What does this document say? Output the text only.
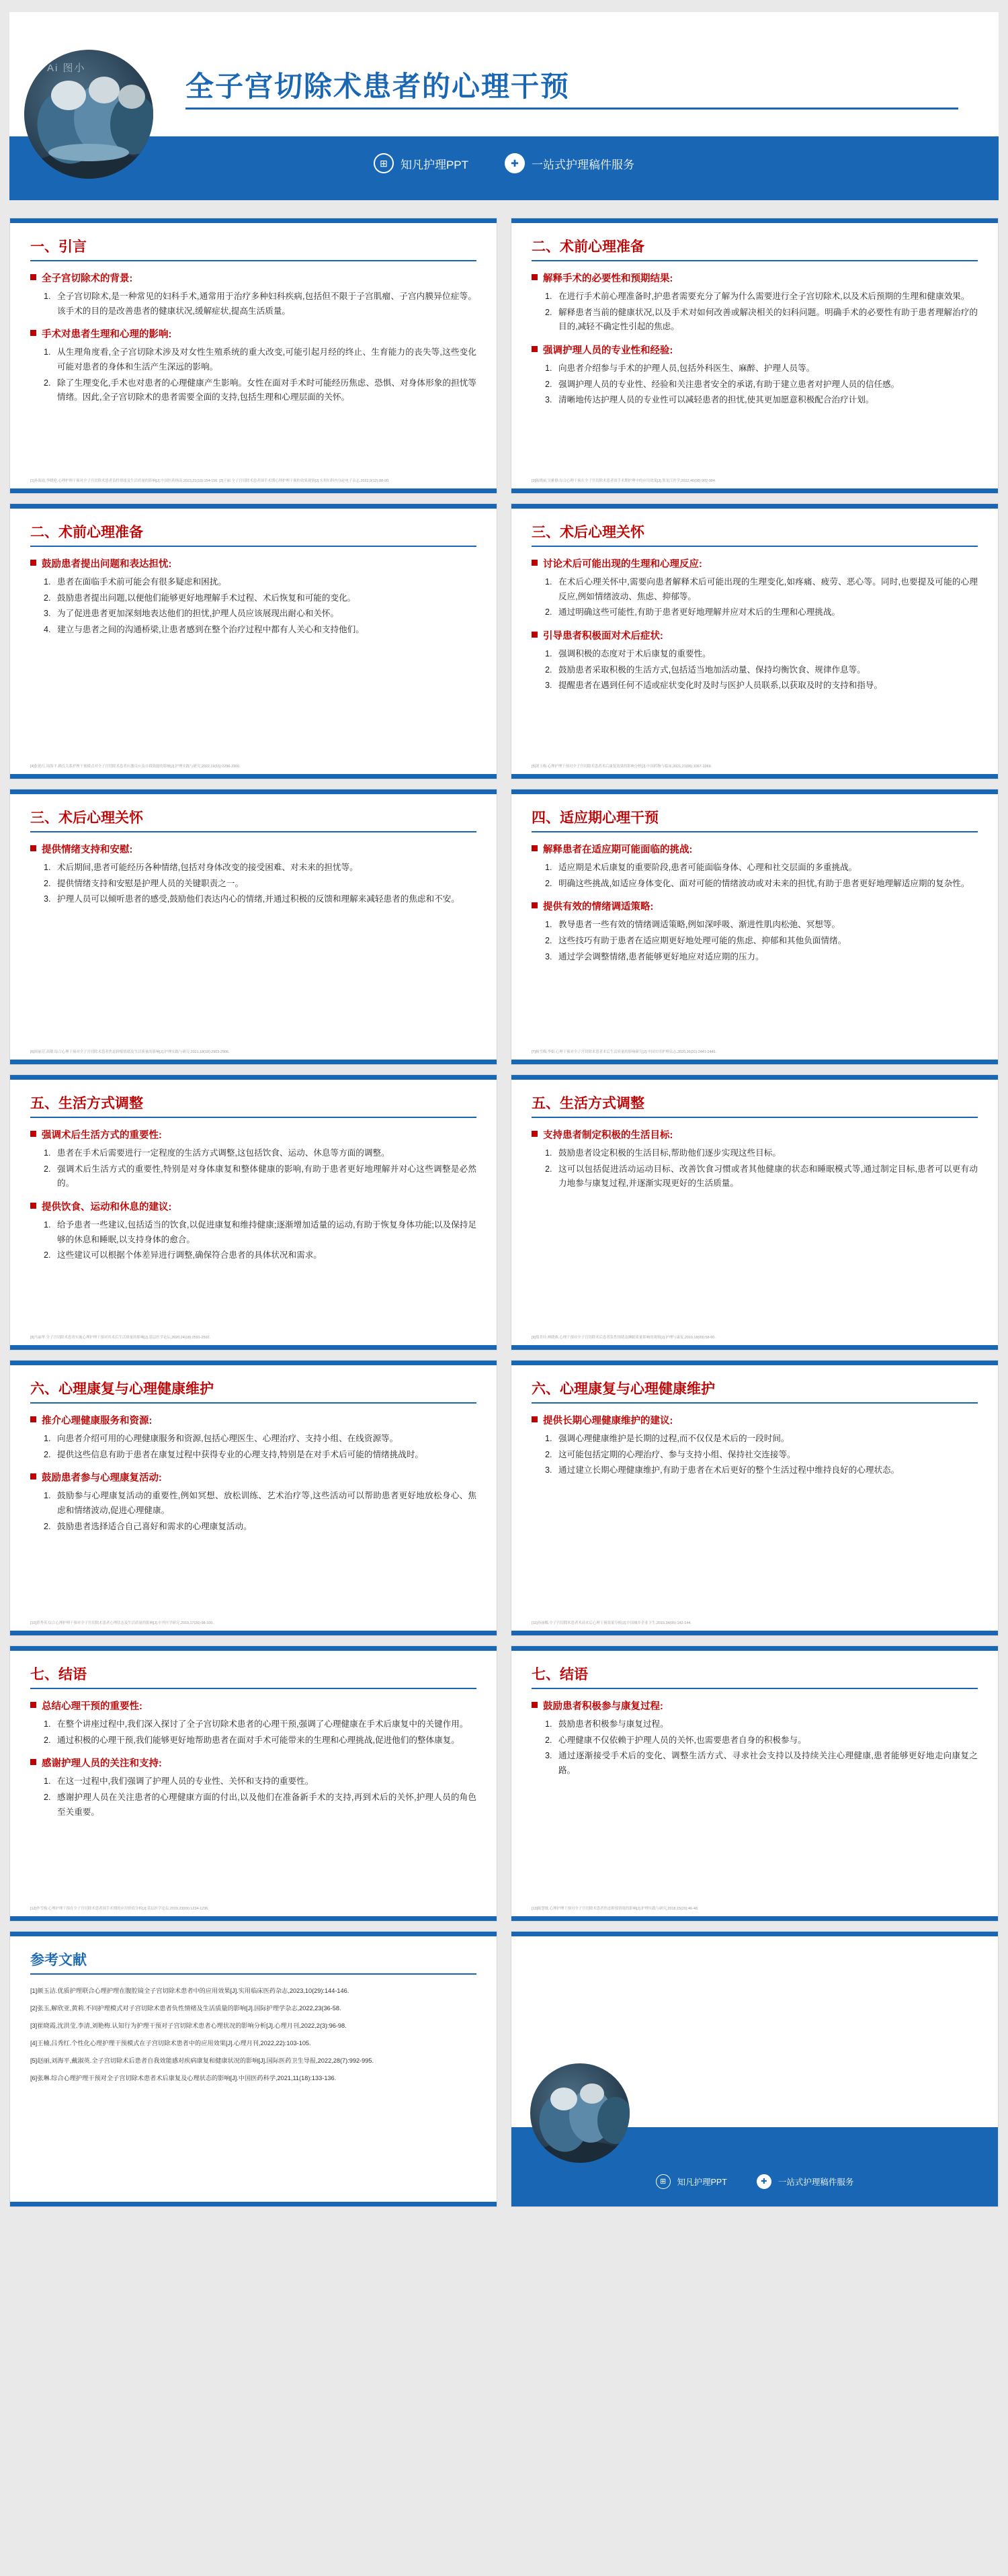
Ai 图小
全子宫切除术患者的心理干预
⊞	知凡护理PPT	✚	一站式护理稿件服务
一、引言
全子宫切除术的背景:
全子宫切除术,是一种常见的妇科手术,通常用于治疗多种妇科疾病,包括但不限于子宫肌瘤、子宫内膜异位症等。该手术的目的是改善患者的健康状况,缓解症状,提高生活质量。
手术对患者生理和心理的影响:
从生理角度看,全子宫切除术涉及对女性生殖系统的重大改变,可能引起月经的终止、生育能力的丧失等,这些变化可能对患者的身体和生活产生深远的影响。
除了生理变化,手术也对患者的心理健康产生影响。女性在面对手术时可能经历焦虑、恐惧、对身体形象的担忧等情绪。因此,全子宫切除术的患者需要全面的支持,包括生理和心理层面的关怀。
[1]孙海霞,李晓艳.心理护理干预对全子宫切除术患者负性情绪及生活质量的影响[J].中国医药指南,2023,21(10):154-156. [2]王丽.全子宫切除术患者围手术期心理护理干预的效果观察[J].实用妇科内分泌电子杂志,2022,9(12):88-90.
二、术前心理准备
解释手术的必要性和预期结果:
在进行手术前心理准备时,护患者需要充分了解为什么需要进行全子宫切除术,以及术后预期的生理和健康效果。
解释患者当前的健康状况,以及手术对如何改善或解决相关的妇科问题。明确手术的必要性有助于患者理解治疗的目的,减轻不确定性引起的焦虑。
强调护理人员的专业性和经验:
向患者介绍参与手术的护理人员,包括外科医生、麻醉、护理人员等。
强调护理人员的专业性、经验和关注患者安全的承诺,有助于建立患者对护理人员的信任感。
清晰地传达护理人员的专业性可以减轻患者的担忧,使其更加愿意积极配合治疗计划。
[3]陈晓丽,吴雅静.综合心理干预在全子宫切除术患者围手术期护理中的应用效果[J].黑龙江医学,2022,46(08):902-904.
二、术前心理准备
鼓励患者提出问题和表达担忧:
患者在面临手术前可能会有很多疑虑和困扰。
鼓励患者提出问题,以便他们能够更好地理解手术过程、术后恢复和可能的变化。
为了促进患者更加深刻地表达他们的担忧,护理人员应该展现出耐心和关怀。
建立与患者之间的沟通桥梁,让患者感到在整个治疗过程中都有人关心和支持他们。
[4]张艳红,周海平.赖氏关系护理干预模式对全子宫切除术患者应激反应及自我效能的影响[J].护理实践与研究,2022,19(15):2296-2300.
三、术后心理关怀
讨论术后可能出现的生理和心理反应:
在术后心理关怀中,需要向患者解释术后可能出现的生理变化,如疼痛、疲劳、恶心等。同时,也要提及可能的心理反应,例如情绪波动、焦虑、抑郁等。
通过明确这些可能性,有助于患者更好地理解并应对术后的生理和心理挑战。
引导患者积极面对术后症状:
强调积极的态度对于术后康复的重要性。
鼓励患者采取积极的生活方式,包括适当地加活动量、保持均衡饮食、规律作息等。
提醒患者在遇到任何不适或症状变化时及时与医护人员联系,以获取及时的支持和指导。
[5]刘玉梅.心理护理干预对全子宫切除术患者术后康复效果的影响分析[J].中国药物与临床,2021,21(06):1067-1069.
三、术后心理关怀
提供情绪支持和安慰:
术后期间,患者可能经历各种情绪,包括对身体改变的接受困难、对未来的担忧等。
提供情绪支持和安慰是护理人员的关键职责之一。
护理人员可以倾听患者的感受,鼓励他们表达内心的情绪,并通过积极的反馈和理解来减轻患者的焦虑和不安。
[6]周丽芳,高敏.综合心理干预对全子宫切除术患者焦虑抑郁情绪及生活质量的影响[J].护理实践与研究,2021,18(19):2903-2906.
四、适应期心理干预
解释患者在适应期可能面临的挑战:
适应期是术后康复的重要阶段,患者可能面临身体、心理和社交层面的多重挑战。
明确这些挑战,如适应身体变化、面对可能的情绪波动或对未来的担忧,有助于患者更好地理解适应期的复杂性。
提供有效的情绪调适策略:
教导患者一些有效的情绪调适策略,例如深呼吸、渐进性肌肉松弛、冥想等。
这些技巧有助于患者在适应期更好地处理可能的焦虑、抑郁和其他负面情绪。
通过学会调整情绪,患者能够更好地应对适应期的压力。
[7]杨雪梅,李娟.心理干预对全子宫切除术患者术后生活质量的影响研究[J].中国实用护理杂志,2020,36(31):2441-2445.
五、生活方式调整
强调术后生活方式的重要性:
患者在手术后需要进行一定程度的生活方式调整,这包括饮食、运动、休息等方面的调整。
强调术后生活方式的重要性,特别是对身体康复和整体健康的影响,有助于患者更好地理解并对心这些调整是必然的。
提供饮食、运动和休息的建议:
给予患者一些建议,包括适当的饮食,以促进康复和维持健康;逐渐增加适量的运动,有助于恢复身体功能;以及保持足够的休息和睡眠,以支持身体的愈合。
这些建议可以根据个体差异进行调整,确保符合患者的具体状况和需求。
[8]马丽华.全子宫切除术患者实施心理护理干预对其术后生活质量的影响[J].基层医学论坛,2020,24(18):2591-2592.
五、生活方式调整
支持患者制定积极的生活目标:
鼓励患者设定积极的生活目标,帮助他们逐步实现这些目标。
这可以包括促进活动运动目标、改善饮食习惯或者其他健康的状态和睡眠模式等,通过制定目标,患者可以更有动力地参与康复过程,并逐渐实现更好的生活质量。
[9]郑美玲,林晓燕.心理干预对全子宫切除术后患者负性情绪及睡眠质量影响的观察[J].护理与康复,2019,18(09):58-60.
六、心理康复与心理健康维护
推介心理健康服务和资源:
向患者介绍可用的心理健康服务和资源,包括心理医生、心理治疗、支持小组、在线资源等。
提供这些信息有助于患者在康复过程中获得专业的心理支持,特别是在对手术后可能的情绪挑战时。
鼓励患者参与心理康复活动:
鼓励参与心理康复活动的重要性,例如冥想、放松训练、艺术治疗等,这些活动可以帮助患者更好地放松身心、焦虑和情绪波动,促进心理健康。
鼓励患者选择适合自己喜好和需求的心理康复活动。
[10]黄秀英.综合心理护理干预对全子宫切除术患者心理状态及生活质量的影响[J].中外医学研究,2019,17(26):98-100.
六、心理康复与心理健康维护
提供长期心理健康维护的建议:
强调心理健康维护是长期的过程,而不仅仅是术后的一段时间。
这可能包括定期的心理治疗、参与支持小组、保持社交连接等。
通过建立长期心理健康维护,有助于患者在术后更好的整个生活过程中维持良好的心理状态。
[11]孙丽娜.全子宫切除术患者术前术后心理干预效果分析[J].中国城乡企业卫生,2019,34(05):142-144.
七、结语
总结心理干预的重要性:
在整个讲座过程中,我们深入探讨了全子宫切除术患者的心理干预,强调了心理健康在手术后康复中的关键作用。
通过积极的心理干预,我们能够更好地帮助患者在面对手术可能带来的生理和心理挑战,促进他们的整体康复。
感谢护理人员的关注和支持:
在这一过程中,我们强调了护理人员的专业性、关怀和支持的重要性。
感谢护理人员在关注患者的心理健康方面的付出,以及他们在准备新手术的支持,再到术后的关怀,护理人员的角色至关重要。
[12]李雪梅.心理护理干预在全子宫切除术患者围手术期的应用价值分析[J].基层医学论坛,2019,23(09):1234-1236.
七、结语
鼓励患者积极参与康复过程:
鼓励患者积极参与康复过程。
心理健康不仅依赖于护理人员的关怀,也需要患者自身的积极参与。
通过逐渐接受手术后的变化、调整生活方式、寻求社会支持以及持续关注心理健康,患者能够更好地走向康复之路。
[13]陈慧敏.心理护理干预对全子宫切除术患者焦虑抑郁情绪的影响[J].护理实践与研究,2018,15(20):46-48.
参考文献

[1]颜玉洁.优质护理联合心理护理在腹腔镜全子宫切除术患者中的应用效果[J].实用临床医药杂志,2023,10(29):144-146.

[2]张玉,解欣亚,黄莉.不同护理模式对子宫切除术患者负性情绪及生活质量的影响[J].国际护理学杂志,2022,23(36-58.

[3]崔晓霞,沈洪莹,李清,刘艳梅.认知行为护理干预对子宫切除术患者心理状况的影响分析[J].心理月刊,2022,2(3):96-98.

[4]王楠,吕秀红.个性化心理护理干预模式在子宫切除术患者中的应用效果[J].心理月刊,2022,22):103-105.

[5]赵丽,刘海平,戴淑英.全子宫切除术后患者自我效能感对疾病康复和健康状况的影响[J].国际医药卫生导报,2022,28(7):992-995.

[6]张琳.综合心理护理干预对全子宫切除术患者术后康复及心理状态的影响[J].中国医药科学,2021,11(18):133-136.

Ai 图小
感谢您的聆听
⊞	知凡护理PPT	✚	一站式护理稿件服务
